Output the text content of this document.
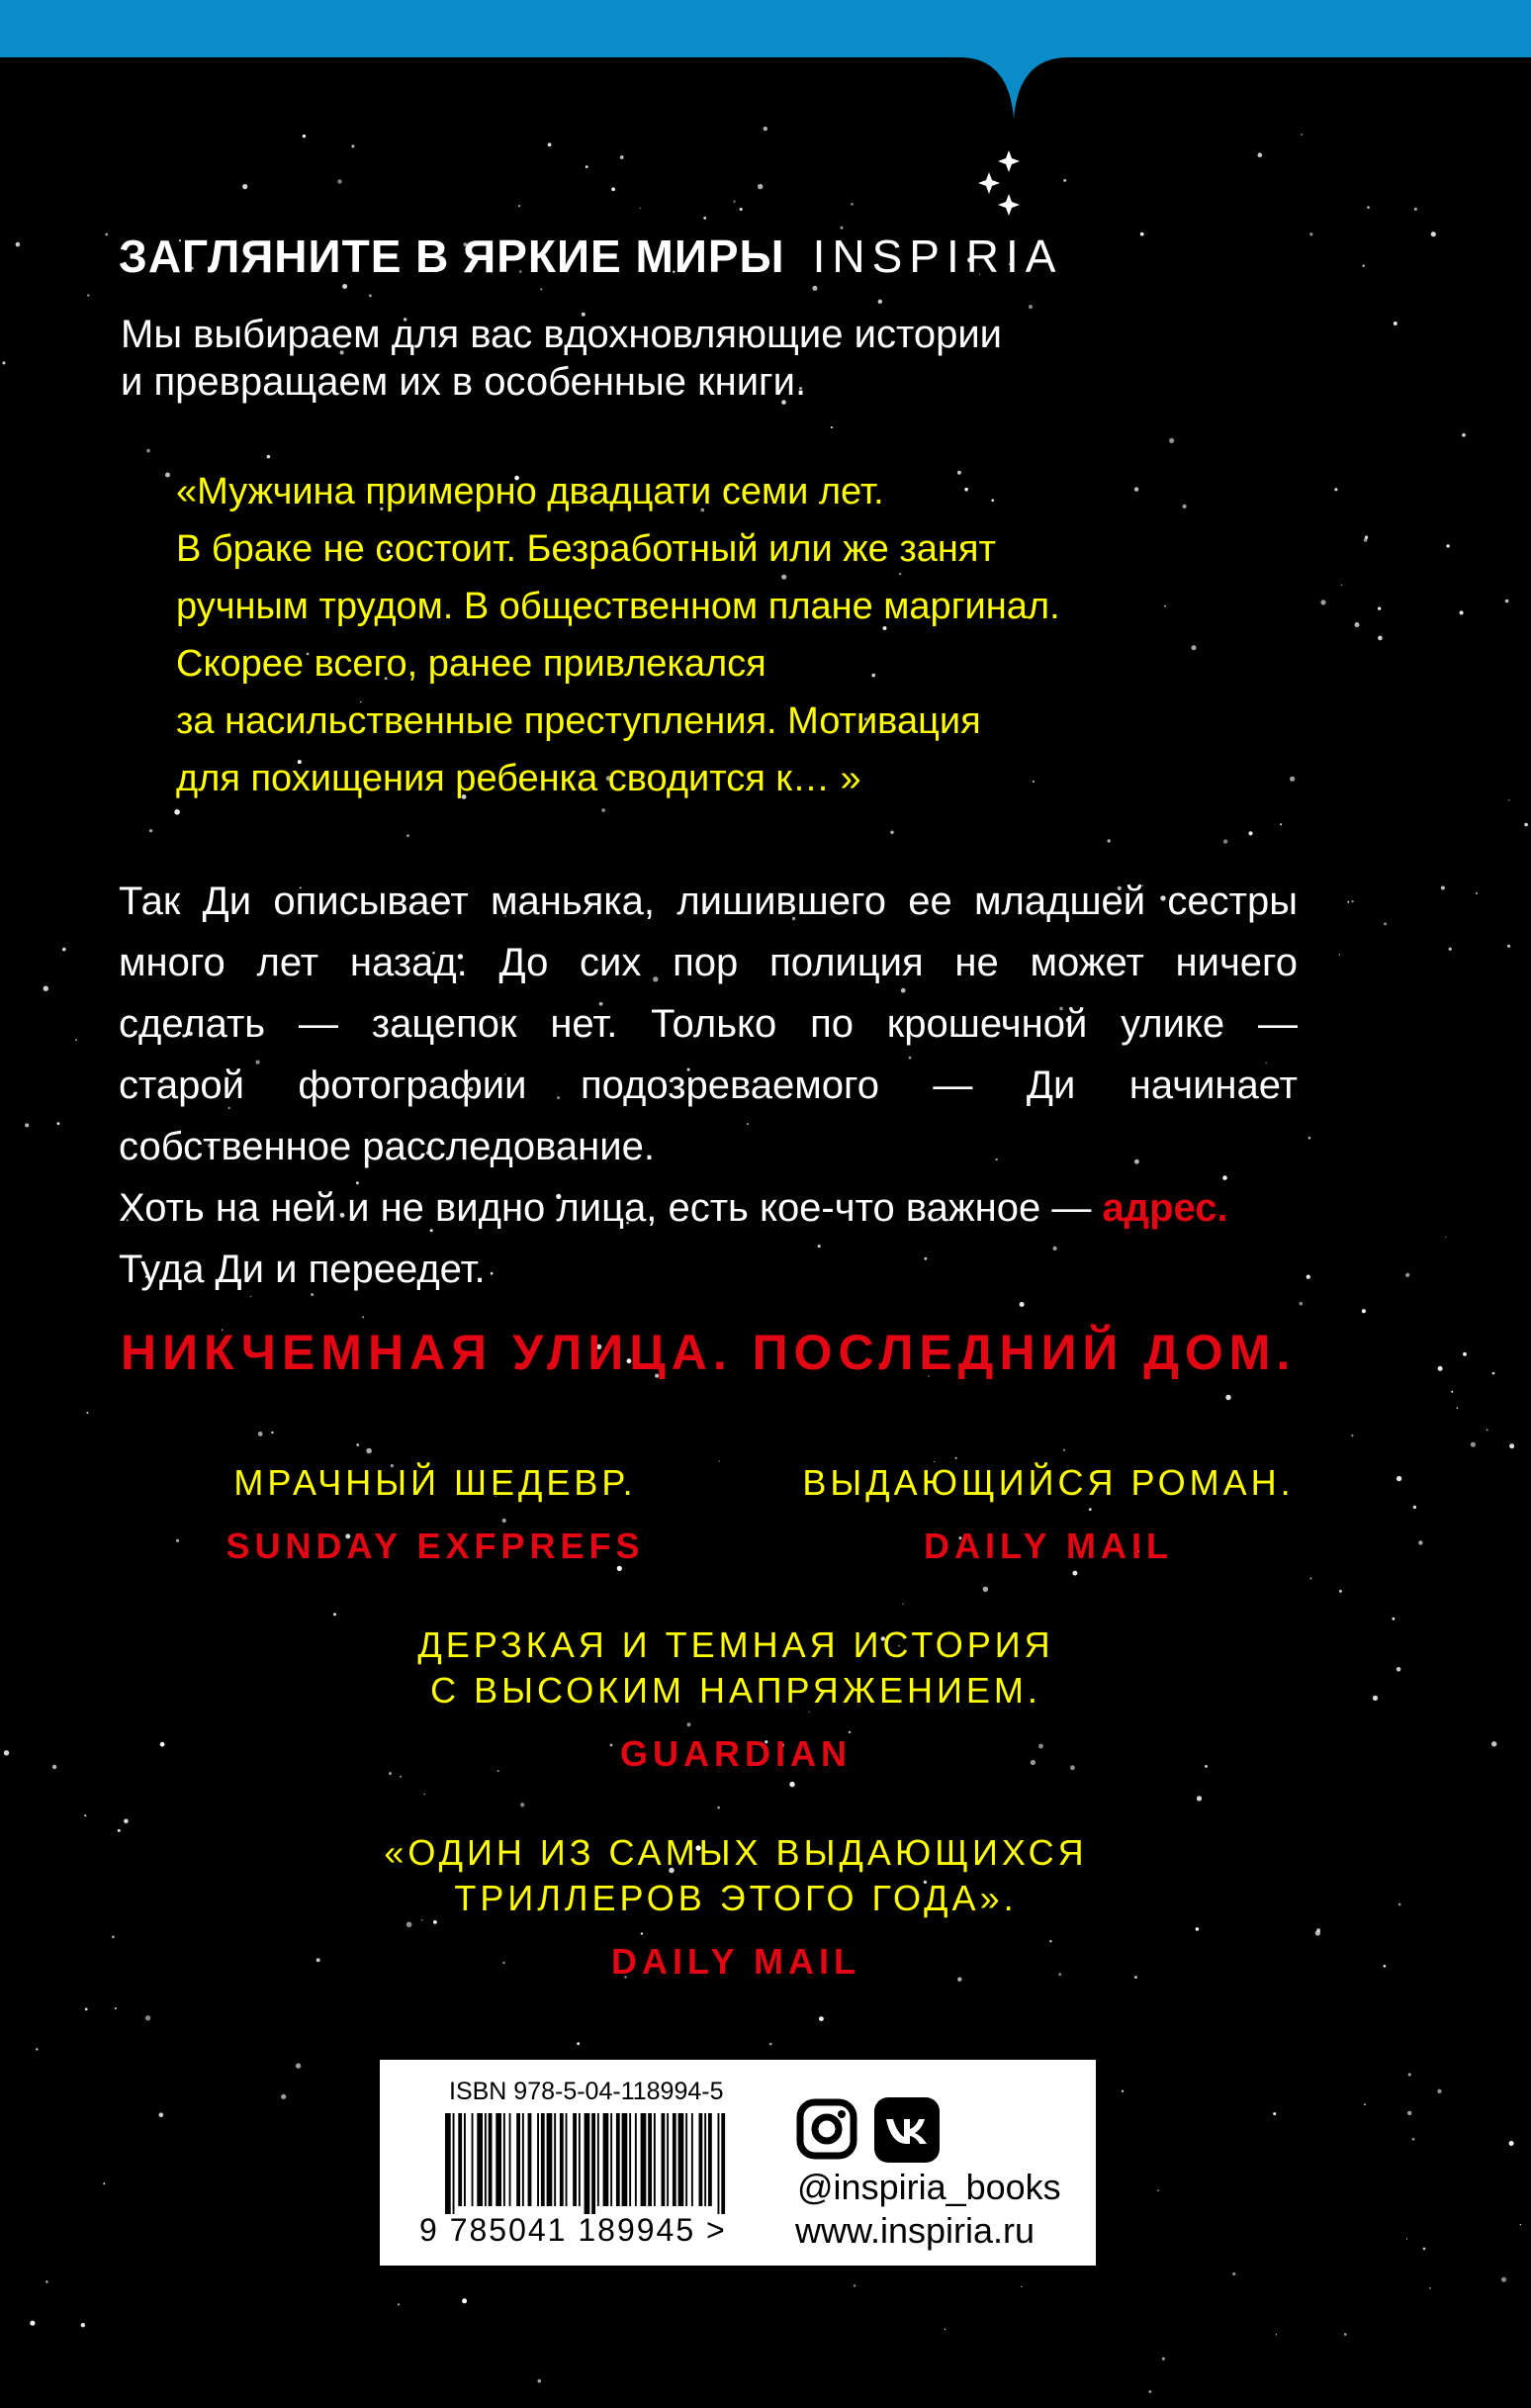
ЗАГЛЯНИТЕ В ЯРКИЕ МИРЫ INSPIRIA
Мы выбираем для вас вдохновляющие истории
и превращаем их в особенные книги.
«Мужчина примерно двадцати семи лет.
В браке не состоит. Безработный или же занят
ручным трудом. В общественном плане маргинал.
Скорее всего, ранее привлекался
за насильственные преступления. Мотивация
для похищения ребенка сводится к… »
Так Ди описывает маньяка, лишившего ее младшей сестры
много лет назад. До сих пор полиция не может ничего
сделать — зацепок нет. Только по крошечной улике —
старой фотографии подозреваемого — Ди начинает
собственное расследование.
Хоть на ней и не видно лица, есть кое-что важное — адрес.
Туда Ди и переедет.
НИКЧЕМНАЯ УЛИЦА. ПОСЛЕДНИЙ ДОМ.
МРАЧНЫЙ ШЕДЕВР.
SUNDAY EXFPREFS
ВЫДАЮЩИЙСЯ РОМАН.
DAILY MAIL
ДЕРЗКАЯ И ТЕМНАЯ ИСТОРИЯ
С ВЫСОКИМ НАПРЯЖЕНИЕМ.
GUARDIAN
«ОДИН ИЗ САМЫХ ВЫДАЮЩИХСЯ
ТРИЛЛЕРОВ ЭТОГО ГОДА».
DAILY MAIL
ISBN 978-5-04-118994-5
9 785041 189945 >
@inspiria_books
www.inspiria.ru
